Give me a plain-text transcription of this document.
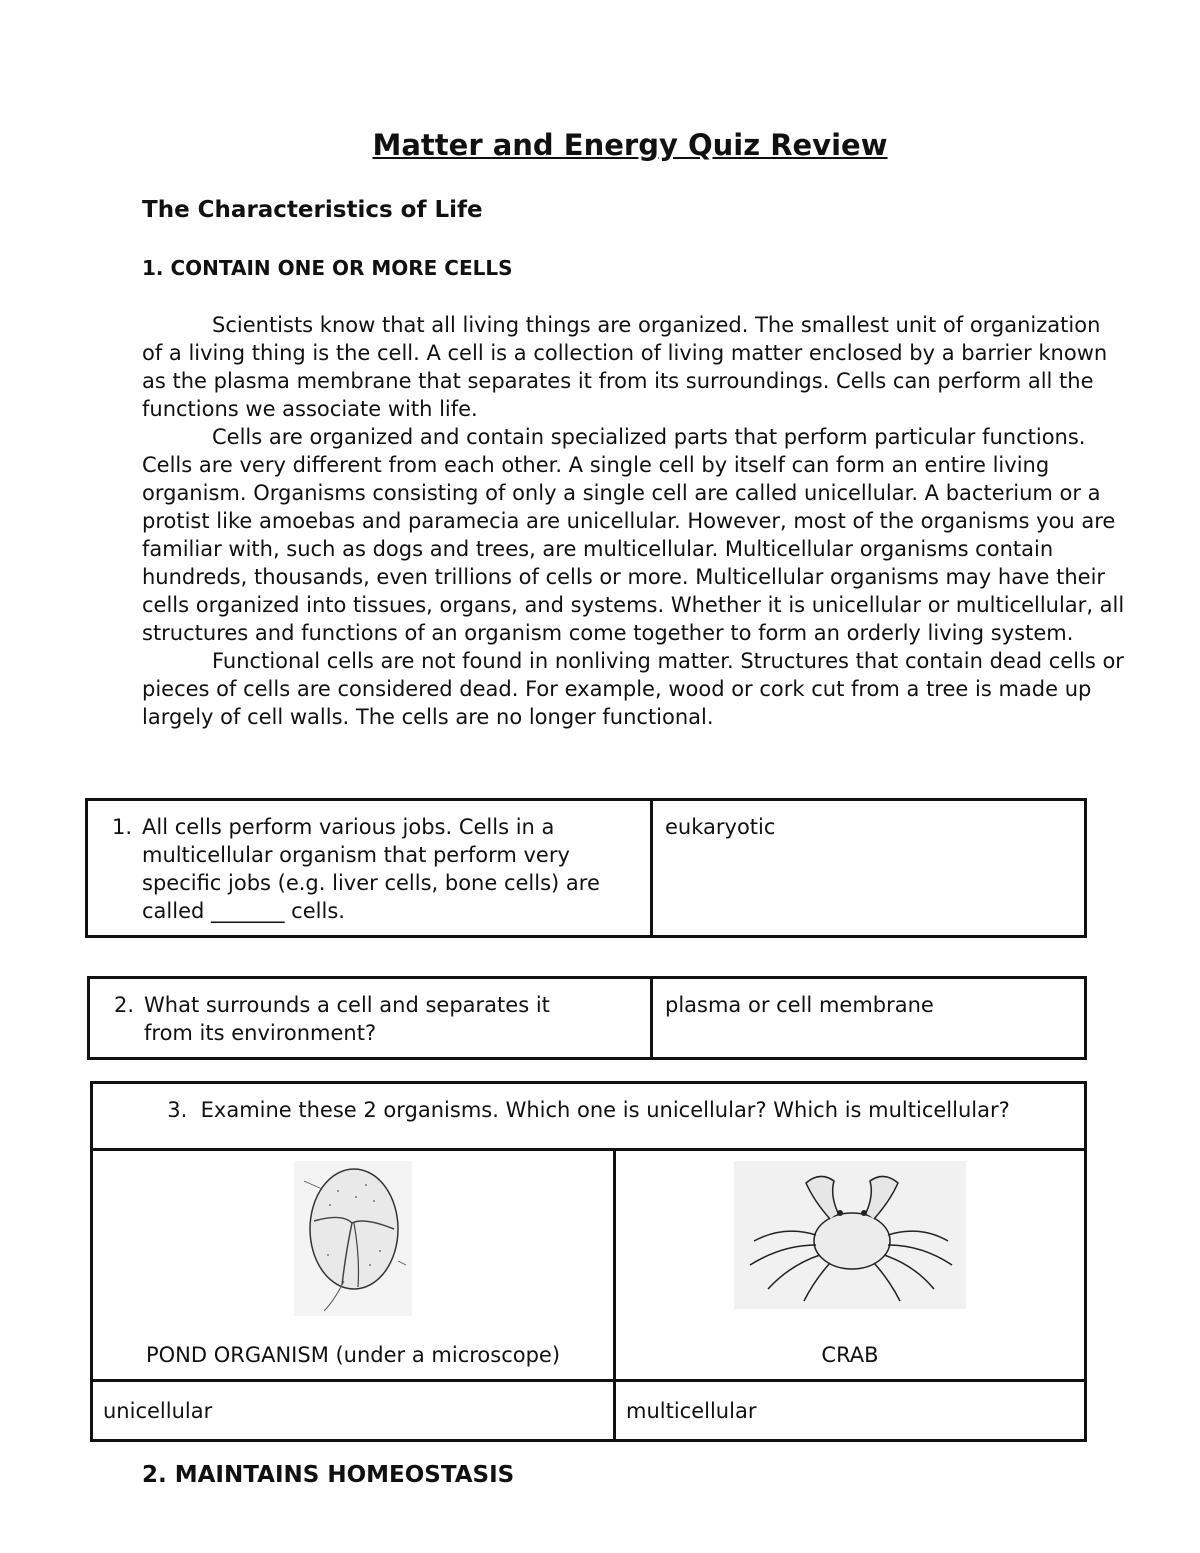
Matter and Energy Quiz Review
The Characteristics of Life
1. CONTAIN ONE OR MORE CELLS

Scientists know that all living things are organized. The smallest unit of organization of a living thing is the cell. A cell is a collection of living matter enclosed by a barrier known as the plasma membrane that separates it from its surroundings. Cells can perform all the functions we associate with life.

Cells are organized and contain specialized parts that perform particular functions. Cells are very different from each other. A single cell by itself can form an entire living organism. Organisms consisting of only a single cell are called unicellular. A bacterium or a protist like amoebas and paramecia are unicellular. However, most of the organisms you are familiar with, such as dogs and trees, are multicellular. Multicellular organisms contain hundreds, thousands, even trillions of cells or more. Multicellular organisms may have their cells organized into tissues, organs, and systems. Whether it is unicellular or multicellular, all structures and functions of an organism come together to form an orderly living system.

Functional cells are not found in nonliving matter. Structures that contain dead cells or pieces of cells are considered dead. For example, wood or cork cut from a tree is made up largely of cell walls. The cells are no longer functional.

1. All cells perform various jobs. Cells in a multicellular organism that perform very specific jobs (e.g. liver cells, bone cells) are called _______ cells.	eukaryotic
2. What surrounds a cell and separates it from its environment?	plasma or cell membrane
3. Examine these 2 organisms. Which one is unicellular? Which is multicellular?	

POND ORGANISM (under a microscope)	CRAB

unicellular	multicellular
2. MAINTAINS HOMEOSTASIS
